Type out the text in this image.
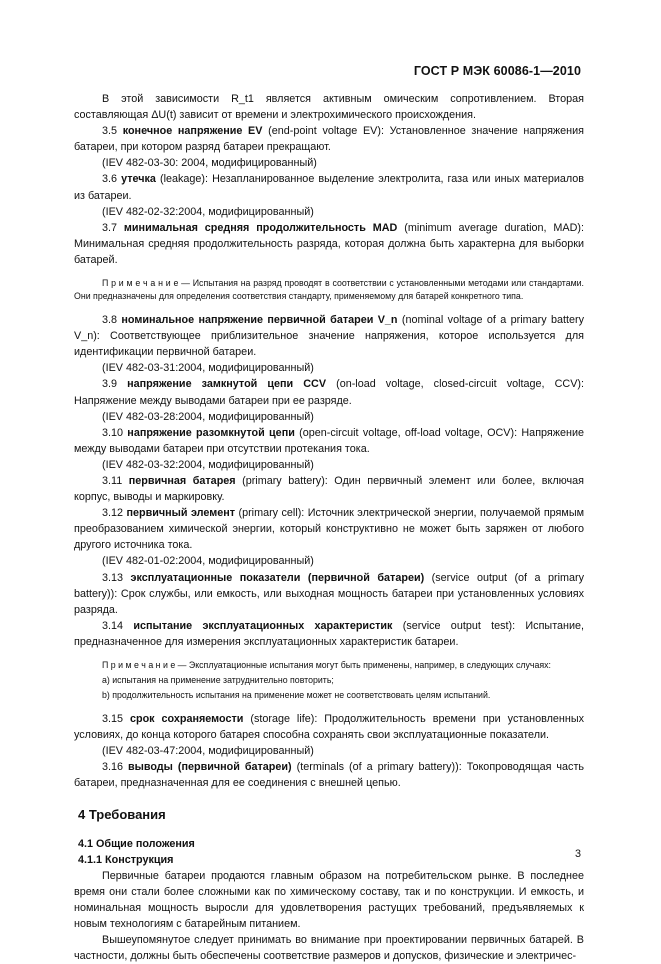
ГОСТ Р МЭК 60086-1—2010

В этой зависимости R_t1 является активным омическим сопротивлением. Вторая составляющая ΔU(t) зависит от времени и электрохимического происхождения.

3.5 конечное напряжение EV (end-point voltage EV): Установленное значение напряжения батареи, при котором разряд батареи прекращают.

(IEV 482-03-30: 2004, модифицированный)

3.6 утечка (leakage): Незапланированное выделение электролита, газа или иных материалов из батареи.

(IEV 482-02-32:2004, модифицированный)

3.7 минимальная средняя продолжительность MAD (minimum average duration, MAD): Минимальная средняя продолжительность разряда, которая должна быть характерна для выборки батарей.

П р и м е ч а н и е — Испытания на разряд проводят в соответствии с установленными методами или стандартами. Они предназначены для определения соответствия стандарту, применяемому для батарей конкретного типа.

3.8 номинальное напряжение первичной батареи V_n (nominal voltage of a primary battery V_n): Соответствующее приблизительное значение напряжения, которое используется для идентификации первичной батареи.

(IEV 482-03-31:2004, модифицированный)

3.9 напряжение замкнутой цепи CCV (on-load voltage, closed-circuit voltage, CCV): Напряжение между выводами батареи при ее разряде.

(IEV 482-03-28:2004, модифицированный)

3.10 напряжение разомкнутой цепи (open-circuit voltage, off-load voltage, OCV): Напряжение между выводами батареи при отсутствии протекания тока.

(IEV 482-03-32:2004, модифицированный)

3.11 первичная батарея (primary battery): Один первичный элемент или более, включая корпус, выводы и маркировку.

3.12 первичный элемент (primary cell): Источник электрической энергии, получаемой прямым преобразованием химической энергии, который конструктивно не может быть заряжен от любого другого источника тока.

(IEV 482-01-02:2004, модифицированный)

3.13 эксплуатационные показатели (первичной батареи) (service output (of a primary battery)): Срок службы, или емкость, или выходная мощность батареи при установленных условиях разряда.

3.14 испытание эксплуатационных характеристик (service output test): Испытание, предназначенное для измерения эксплуатационных характеристик батареи.

П р и м е ч а н и е — Эксплуатационные испытания могут быть применены, например, в следующих случаях:

а) испытания на применение затруднительно повторить;

b) продолжительность испытания на применение может не соответствовать целям испытаний.

3.15 срок сохраняемости (storage life): Продолжительность времени при установленных условиях, до конца которого батарея способна сохранять свои эксплуатационные показатели.

(IEV 482-03-47:2004, модифицированный)

3.16 выводы (первичной батареи) (terminals (of a primary battery)): Токопроводящая часть батареи, предназначенная для ее соединения с внешней цепью.

4 Требования

4.1 Общие положения

4.1.1 Конструкция

Первичные батареи продаются главным образом на потребительском рынке. В последнее время они стали более сложными как по химическому составу, так и по конструкции. И емкость, и номинальная мощность выросли для удовлетворения растущих требований, предъявляемых к новым технологиям с батарейным питанием.

Вышеупомянутое следует принимать во внимание при проектировании первичных батарей. В частности, должны быть обеспечены соответствие размеров и допусков, физические и электричес-

3
